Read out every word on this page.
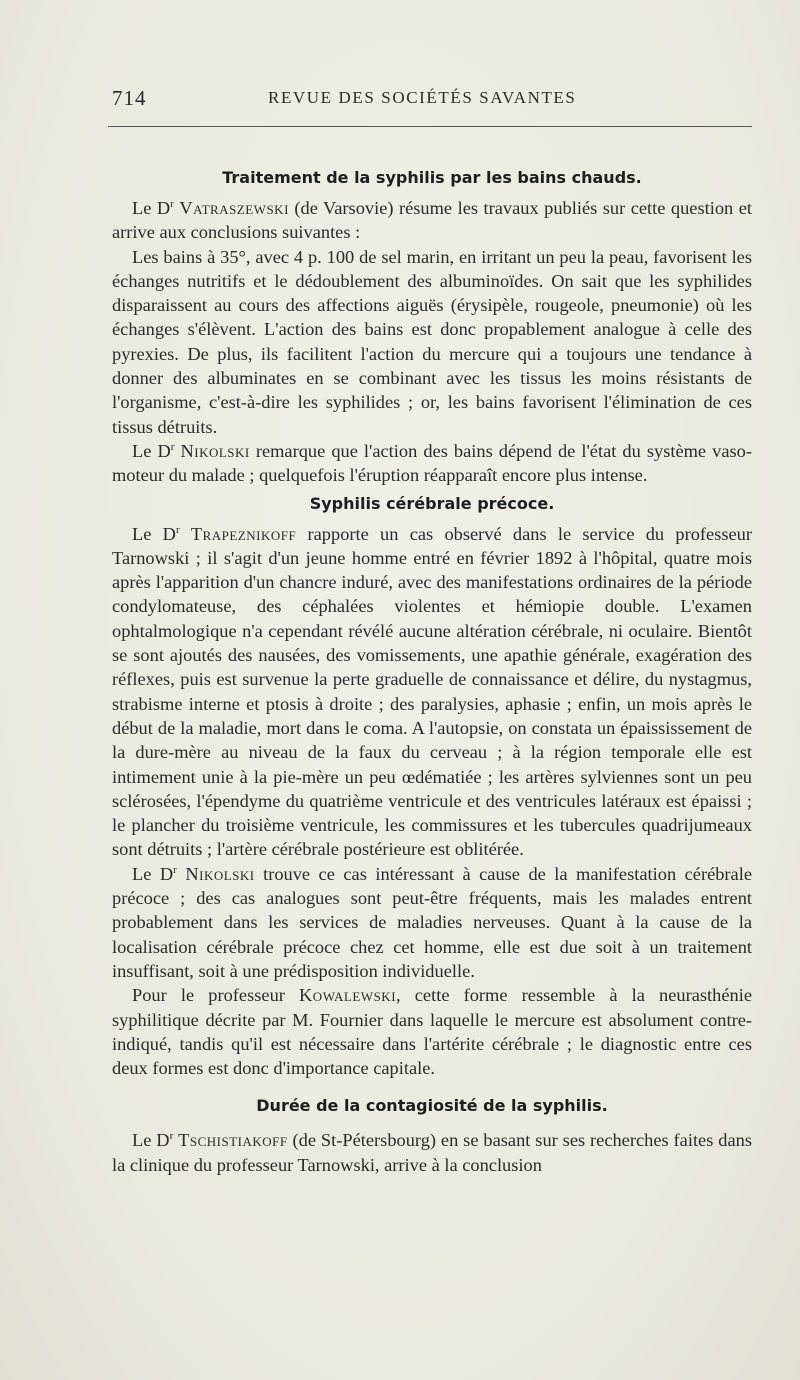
714	REVUE DES SOCIÉTÉS SAVANTES
Traitement de la syphilis par les bains chauds.

Le $D^r$ Vatraszewski (de Varsovie) résume les travaux publiés sur cette question et arrive aux conclusions suivantes :

Les bains à 35°, avec 4 p. 100 de sel marin, en irritant un peu la peau, favorisent les échanges nutritifs et le dédoublement des albuminoïdes. On sait que les syphilides disparaissent au cours des affections aiguës (érysipèle, rougeole, pneumonie) où les échanges s'élèvent. L'action des bains est donc propablement analogue à celle des pyrexies. De plus, ils facilitent l'action du mercure qui a toujours une tendance à donner des albuminates en se combinant avec les tissus les moins résistants de l'organisme, c'est-à-dire les syphilides ; or, les bains favorisent l'élimination de ces tissus détruits.

Le $D^r$ Nikolski remarque que l'action des bains dépend de l'état du système vaso-moteur du malade ; quelquefois l'éruption réapparaît encore plus intense.

Syphilis cérébrale précoce.

Le $D^r$ Trapeznikoff rapporte un cas observé dans le service du professeur Tarnowski ; il s'agit d'un jeune homme entré en février 1892 à l'hôpital, quatre mois après l'apparition d'un chancre induré, avec des manifestations ordinaires de la période condylomateuse, des céphalées violentes et hémiopie double. L'examen ophtalmologique n'a cependant révélé aucune altération cérébrale, ni oculaire. Bientôt se sont ajoutés des nausées, des vomissements, une apathie générale, exagération des réflexes, puis est survenue la perte graduelle de connaissance et délire, du nystagmus, strabisme interne et ptosis à droite ; des paralysies, aphasie ; enfin, un mois après le début de la maladie, mort dans le coma. A l'autopsie, on constata un épaississement de la dure-mère au niveau de la faux du cerveau ; à la région temporale elle est intimement unie à la pie-mère un peu œdématiée ; les artères sylviennes sont un peu sclérosées, l'épendyme du quatrième ventricule et des ventricules latéraux est épaissi ; le plancher du troisième ventricule, les commissures et les tubercules quadrijumeaux sont détruits ; l'artère cérébrale postérieure est oblitérée.

Le $D^r$ Nikolski trouve ce cas intéressant à cause de la manifestation cérébrale précoce ; des cas analogues sont peut-être fréquents, mais les malades entrent probablement dans les services de maladies nerveuses. Quant à la cause de la localisation cérébrale précoce chez cet homme, elle est due soit à un traitement insuffisant, soit à une prédisposition individuelle.

Pour le professeur Kowalewski, cette forme ressemble à la neurasthénie syphilitique décrite par M. Fournier dans laquelle le mercure est absolument contre-indiqué, tandis qu'il est nécessaire dans l'artérite cérébrale ; le diagnostic entre ces deux formes est donc d'importance capitale.

Durée de la contagiosité de la syphilis.

Le $D^r$ Tschistiakoff (de St-Pétersbourg) en se basant sur ses recherches faites dans la clinique du professeur Tarnowski, arrive à la conclusion
